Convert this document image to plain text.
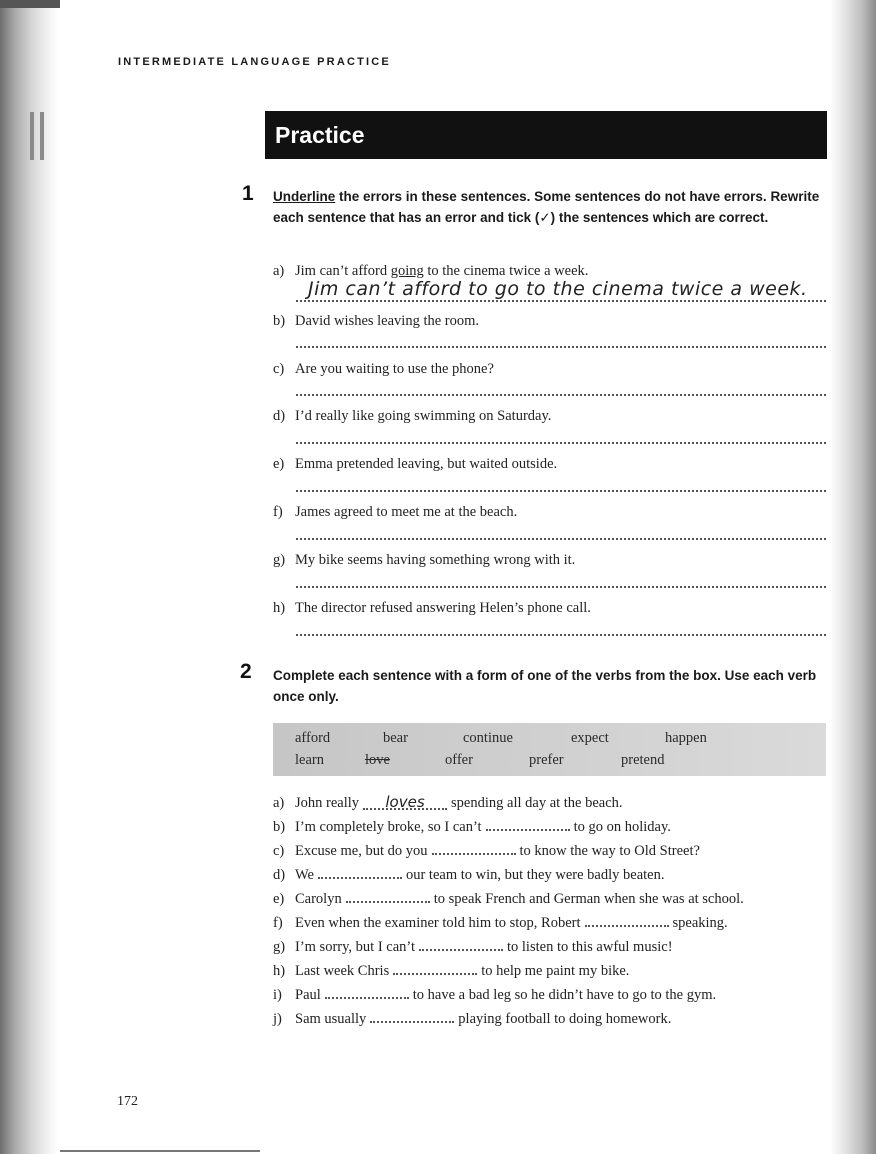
INTERMEDIATE LANGUAGE PRACTICE
Practice
1 Underline the errors in these sentences. Some sentences do not have errors. Rewrite each sentence that has an error and tick (✓) the sentences which are correct.
a) Jim can’t afford going to the cinema twice a week.
Jim can’t afford to go to the cinema twice a week.
b) David wishes leaving the room.
c) Are you waiting to use the phone?
d) I’d really like going swimming on Saturday.
e) Emma pretended leaving, but waited outside.
f) James agreed to meet me at the beach.
g) My bike seems having something wrong with it.
h) The director refused answering Helen’s phone call.
2 Complete each sentence with a form of one of the verbs from the box. Use each verb once only.
afford	bear	continue	expect	happen
learn	love	offer	prefer	pretend
a) John really loves spending all day at the beach.
b) I’m completely broke, so I can’t	to go on holiday.
c) Excuse me, but do you	to know the way to Old Street?
d) We	our team to win, but they were badly beaten.
e) Carolyn	to speak French and German when she was at school.
f) Even when the examiner told him to stop, Robert	speaking.
g) I’m sorry, but I can’t	to listen to this awful music!
h) Last week Chris	to help me paint my bike.
i) Paul	to have a bad leg so he didn’t have to go to the gym.
j) Sam usually	playing football to doing homework.
172
